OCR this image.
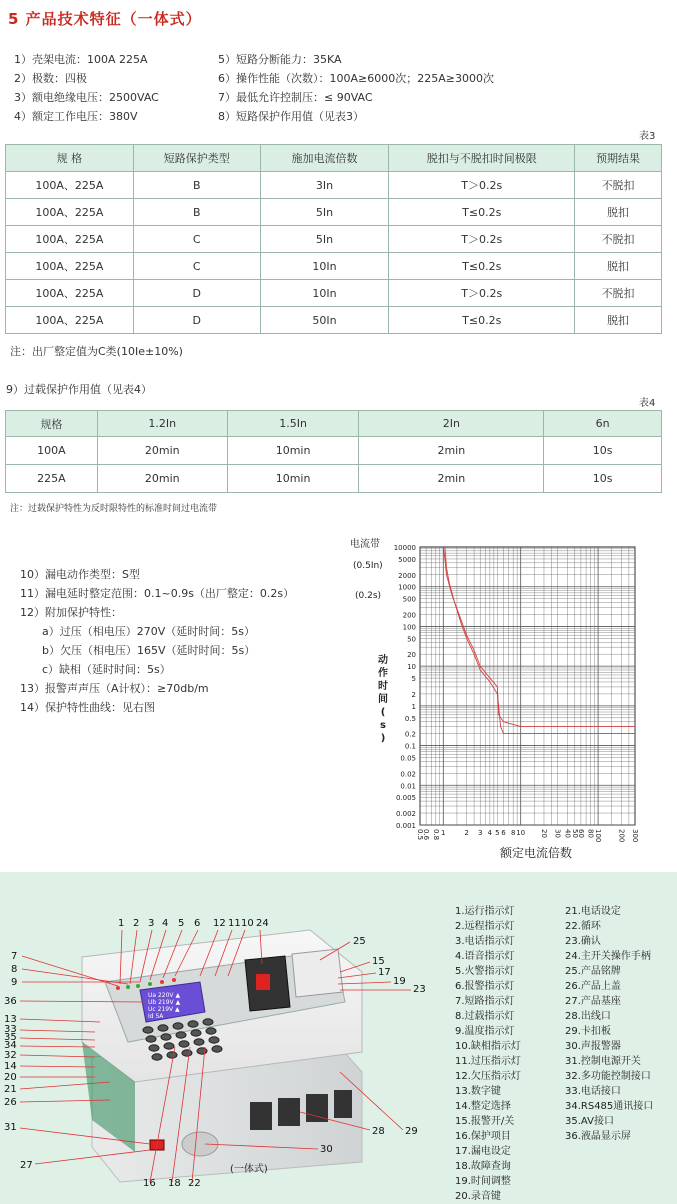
5 产品技术特征（一体式）
1）壳架电流：100A 225A	5）短路分断能力：35KA
2）极数：四极	6）操作性能（次数）：100A≥6000次；225A≥3000次
3）额电绝缘电压：2500VAC	7）最低允许控制压：≤ 90VAC
4）额定工作电压：380V	8）短路保护作用值（见表3）
表3
规 格	短路保护类型	施加电流倍数	脱扣与不脱扣时间极限	预期结果
100A、225A	B	3In	T＞0.2s	不脱扣
100A、225A	B	5In	T≤0.2s	脱扣
100A、225A	C	5In	T＞0.2s	不脱扣
100A、225A	C	10In	T≤0.2s	脱扣
100A、225A	D	10In	T＞0.2s	不脱扣
100A、225A	D	50In	T≤0.2s	脱扣
注：出厂整定值为C类(10Ie±10%)
9）过载保护作用值（见表4）
表4
规格	1.2In	1.5In	2In	6n
100A	20min	10min	2min	10s
225A	20min	10min	2min	10s
注：过载保护特性为反时限特性的标准时间过电流带
10）漏电动作类型：S型
11）漏电延时整定范围：0.1~0.9s（出厂整定：0.2s）
12）附加保护特性：
a）过压（相电压）270V（延时时间：5s）
b）欠压（相电压）165V（延时时间：5s）
c）缺相（延时时间：5s）
13）报警声声压（A计权）：≥70db/m
14）保护特性曲线：见右图
电流带
(0.5In)
(0.2s)
动
作
时
间
(
s
)
10000
5000
2000
1000
500
200
100
50
20
10
5
2
1
0.5
0.2
0.1
0.05
0.02
0.01
0.005
0.002
0.001
0.5
0.6 0.8 1	2 3 4 5 6 8 10 20 30 40 50
60 80 100 200 300
额定电流倍数
Ua 220V ▲
Ub 219V ▲
Uc 219V ▲
Id 5A
(一体式)
1 2 3 4 5 6 12 11 10 24
25
15
17
19
23
7
8
9
36
13
33
35
34
32
14
20
21
26
29
28
30
31
27
16 18 22
1.运行指示灯
2.远程指示灯
3.电话指示灯
4.语音指示灯
5.火警指示灯
6.报警指示灯
7.短路指示灯
8.过载指示灯
9.温度指示灯
10.缺相指示灯
11.过压指示灯
12.欠压指示灯
13.数字键
14.整定选择
15.报警开/关
16.保护项目
17.漏电设定
18.故障查询
19.时间调整
20.录音键
21.电话设定
22.循环
23.确认
24.主开关操作手柄
25.产品铭牌
26.产品上盖
27.产品基座
28.出线口
29.卡扣板
30.声报警器
31.控制电源开关
32.多功能控制接口
33.电话接口
34.RS485通讯接口
35.AV接口
36.液晶显示屏
